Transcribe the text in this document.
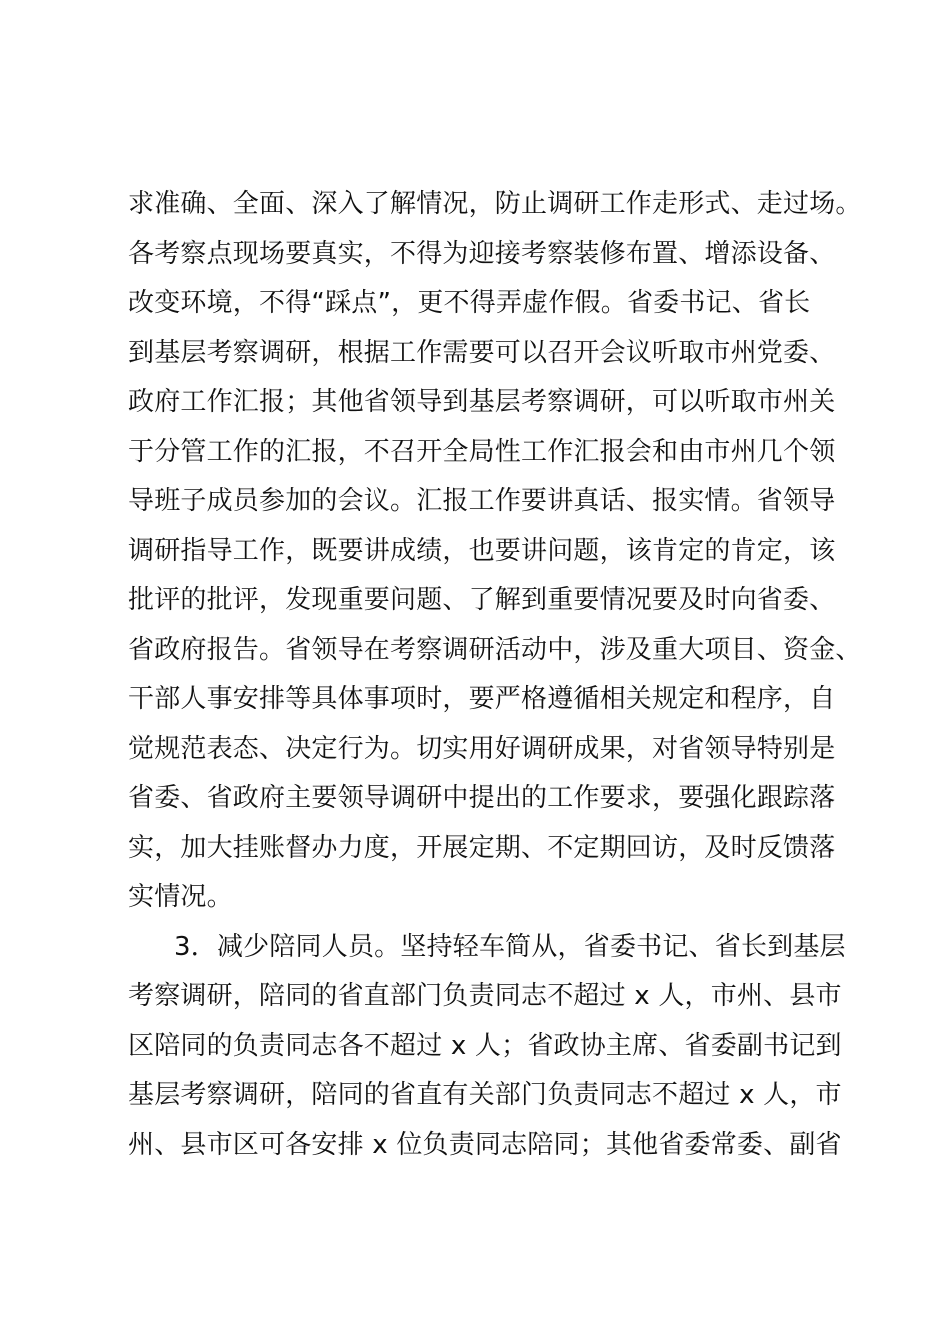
求准确、全面、深入了解情况，防止调研工作走形式、走过场。
各考察点现场要真实，不得为迎接考察装修布置、增添设备、
改变环境，不得“踩点”，更不得弄虚作假。省委书记、省长
到基层考察调研，根据工作需要可以召开会议听取市州党委、
政府工作汇报；其他省领导到基层考察调研，可以听取市州关
于分管工作的汇报，不召开全局性工作汇报会和由市州几个领
导班子成员参加的会议。汇报工作要讲真话、报实情。省领导
调研指导工作，既要讲成绩，也要讲问题，该肯定的肯定，该
批评的批评，发现重要问题、了解到重要情况要及时向省委、
省政府报告。省领导在考察调研活动中，涉及重大项目、资金、
干部人事安排等具体事项时，要严格遵循相关规定和程序，自
觉规范表态、决定行为。切实用好调研成果，对省领导特别是
省委、省政府主要领导调研中提出的工作要求，要强化跟踪落
实，加大挂账督办力度，开展定期、不定期回访，及时反馈落
实情况。
3．减少陪同人员。坚持轻车简从，省委书记、省长到基层
考察调研，陪同的省直部门负责同志不超过 x 人，市州、县市
区陪同的负责同志各不超过 x 人；省政协主席、省委副书记到
基层考察调研，陪同的省直有关部门负责同志不超过 x 人，市
州、县市区可各安排 x 位负责同志陪同；其他省委常委、副省
